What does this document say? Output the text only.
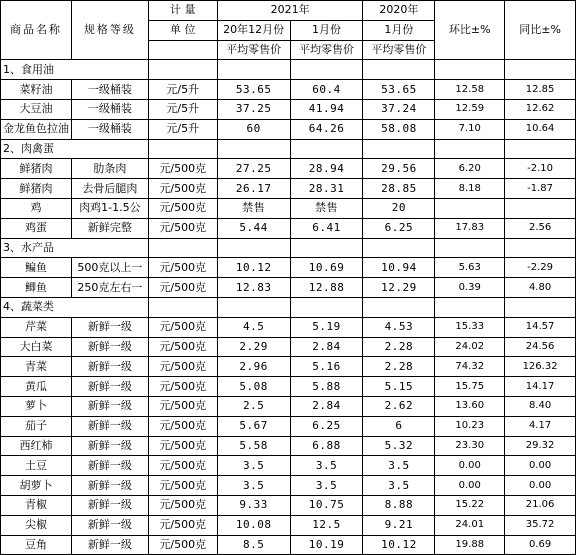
商品名称	规格等级	计 量	2021年		2020年	环比±%	同比±%
		单 位	20年12月份	1月份	1月份		
			平均零售价	平均零售价	平均零售价		
1、食用油							
菜籽油	一级桶装	元/5升	53.65	60.4	53.65	12.58	12.85
大豆油	一级桶装	元/5升	37.25	41.94	37.24	12.59	12.62
金龙鱼色拉油	一级桶装	元/5升	60	64.26	58.08	7.10	10.64
2、肉禽蛋							
鲜猪肉	肋条肉	元/500克	27.25	28.94	29.56	6.20	-2.10
鲜猪肉	去骨后腿肉	元/500克	26.17	28.31	28.85	8.18	-1.87
鸡	肉鸡1-1.5公	元/500克	禁售	禁售	20		
鸡蛋	新鲜完整	元/500克	5.44	6.41	6.25	17.83	2.56
3、水产品							
鳊鱼	500克以上一	元/500克	10.12	10.69	10.94	5.63	-2.29
鲫鱼	250克左右一	元/500克	12.83	12.88	12.29	0.39	4.80
4、蔬菜类							
芹菜	新鲜一级	元/500克	4.5	5.19	4.53	15.33	14.57
大白菜	新鲜一级	元/500克	2.29	2.84	2.28	24.02	24.56
青菜	新鲜一级	元/500克	2.96	5.16	2.28	74.32	126.32
黄瓜	新鲜一级	元/500克	5.08	5.88	5.15	15.75	14.17
萝卜	新鲜一级	元/500克	2.5	2.84	2.62	13.60	8.40
茄子	新鲜一级	元/500克	5.67	6.25	6	10.23	4.17
西红柿	新鲜一级	元/500克	5.58	6.88	5.32	23.30	29.32
土豆	新鲜一级	元/500克	3.5	3.5	3.5	0.00	0.00
胡萝卜	新鲜一级	元/500克	3.5	3.5	3.5	0.00	0.00
青椒	新鲜一级	元/500克	9.33	10.75	8.88	15.22	21.06
尖椒	新鲜一级	元/500克	10.08	12.5	9.21	24.01	35.72
豆角	新鲜一级	元/500克	8.5	10.19	10.12	19.88	0.69
